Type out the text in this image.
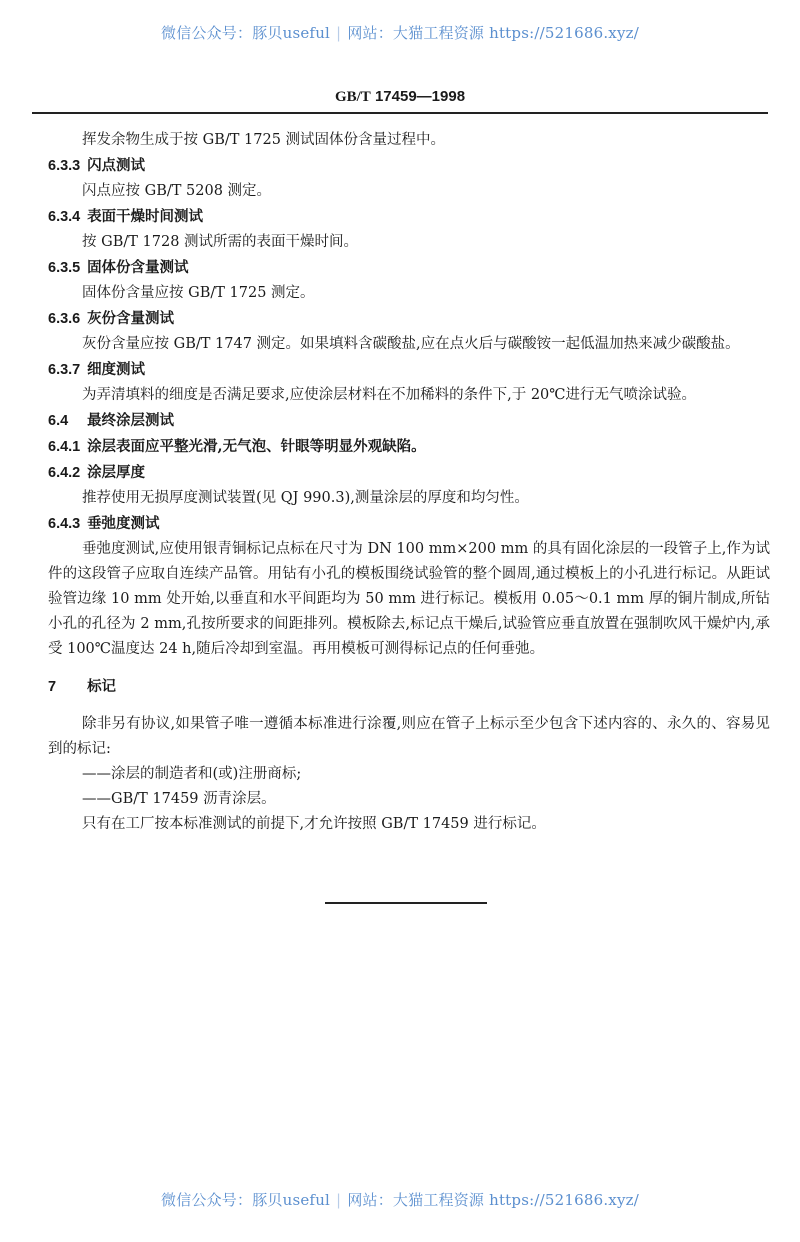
微信公众号：豚贝useful | 网站：大猫工程资源 https://521686.xyz/
GB/T 17459—1998
挥发余物生成于按 GB/T 1725 测试固体份含量过程中。
6.3.3 闪点测试
闪点应按 GB/T 5208 测定。
6.3.4 表面干燥时间测试
按 GB/T 1728 测试所需的表面干燥时间。
6.3.5 固体份含量测试
固体份含量应按 GB/T 1725 测定。
6.3.6 灰份含量测试
灰份含量应按 GB/T 1747 测定。如果填料含碳酸盐,应在点火后与碳酸铵一起低温加热来减少碳酸盐。
6.3.7 细度测试
为弄清填料的细度是否满足要求,应使涂层材料在不加稀料的条件下,于 20℃进行无气喷涂试验。
6.4 最终涂层测试
6.4.1 涂层表面应平整光滑,无气泡、针眼等明显外观缺陷。
6.4.2 涂层厚度
推荐使用无损厚度测试装置(见 QJ 990.3),测量涂层的厚度和均匀性。
6.4.3 垂弛度测试
垂弛度测试,应使用银青铜标记点标在尺寸为 DN 100 mm×200 mm 的具有固化涂层的一段管子上,作为试件的这段管子应取自连续产品管。用钻有小孔的模板围绕试验管的整个圆周,通过模板上的小孔进行标记。从距试验管边缘 10 mm 处开始,以垂直和水平间距均为 50 mm 进行标记。模板用 0.05～0.1 mm 厚的铜片制成,所钻小孔的孔径为 2 mm,孔按所要求的间距排列。模板除去,标记点干燥后,试验管应垂直放置在强制吹风干燥炉内,承受 100℃温度达 24 h,随后冷却到室温。再用模板可测得标记点的任何垂弛。
7 标记
除非另有协议,如果管子唯一遵循本标准进行涂覆,则应在管子上标示至少包含下述内容的、永久的、容易见到的标记:
——涂层的制造者和(或)注册商标;
——GB/T 17459 沥青涂层。
只有在工厂按本标准测试的前提下,才允许按照 GB/T 17459 进行标记。
微信公众号：豚贝useful | 网站：大猫工程资源 https://521686.xyz/
